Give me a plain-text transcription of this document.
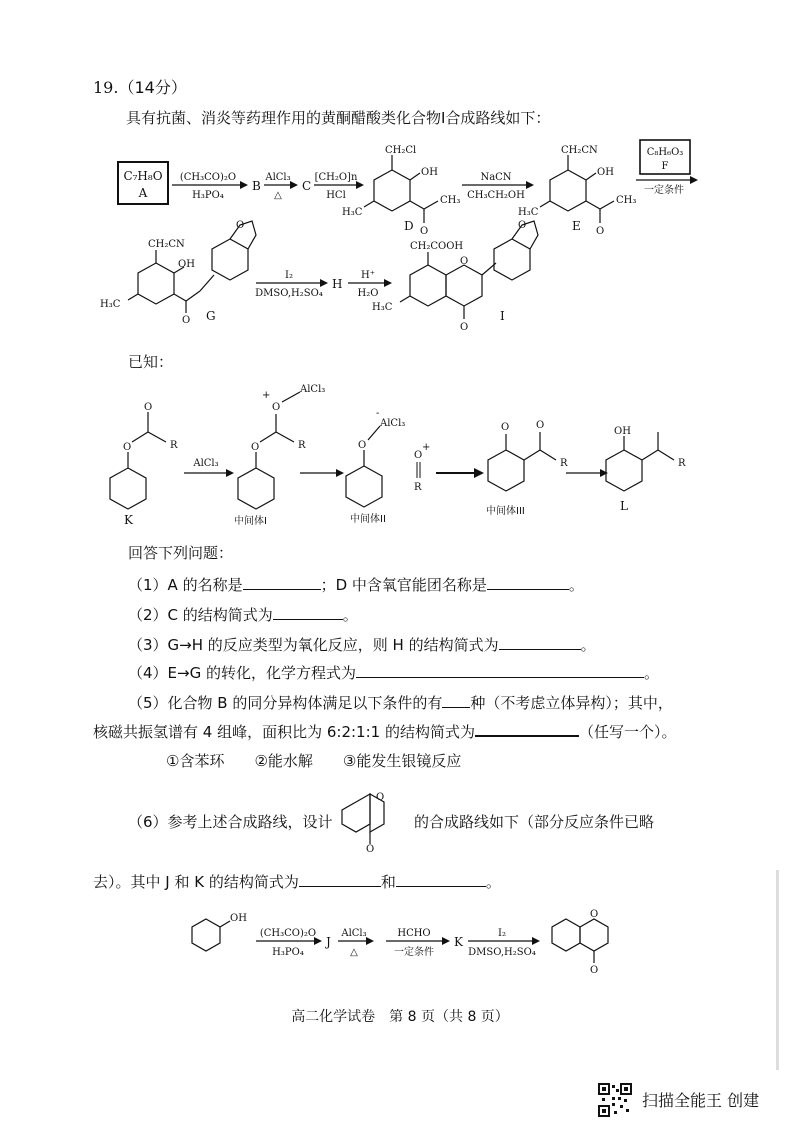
19.（14分）
具有抗菌、消炎等药理作用的黄酮醋酸类化合物I合成路线如下：
C₇H₈O
A
(CH₃CO)₂O
H₃PO₄
B
AlCl₃
△
C
[CH₂O]n
HCl
CH₂Cl
OH
CH₃
O
H₃C
D
NaCN
CH₃CH₂OH
CH₂CN
OH
CH₃
O
H₃C
E
C₈H₆O₃
F
一定条件
CH₂CN
OH
O
H₃C
O
G
I₂
DMSO,H₂SO₄
H
H⁺
H₂O
CH₂COOH
O
O
H₃C
O
I
已知：
O
O
R
K
AlCl₃
O
O
+
AlCl₃
R
中间体I
O
-
AlCl₃
中间体II
O
+
R
O	O
R
中间体III
OH
R
L
回答下列问题：
（1）A 的名称是	；D 中含氧官能团名称是	。
（2）C 的结构简式为	。
（3）G→H 的反应类型为氧化反应，则 H 的结构简式为	。
（4）E→G 的转化，化学方程式为	。
（5）化合物 B 的同分异构体满足以下条件的有 种（不考虑立体异构）；其中，
核磁共振氢谱有 4 组峰，面积比为 6:2:1:1 的结构简式为	（任写一个）。
①含苯环　　②能水解　　③能发生银镜反应
（6）参考上述合成路线，设计
O
O
的合成路线如下（部分反应条件已略
去）。其中 J 和 K 的结构简式为	和	。
OH
(CH₃CO)₂O
H₃PO₄
J
AlCl₃
△
HCHO
一定条件
K
I₂
DMSO,H₂SO₄
O
O
高二化学试卷　第 8 页（共 8 页）
扫描全能王 创建
